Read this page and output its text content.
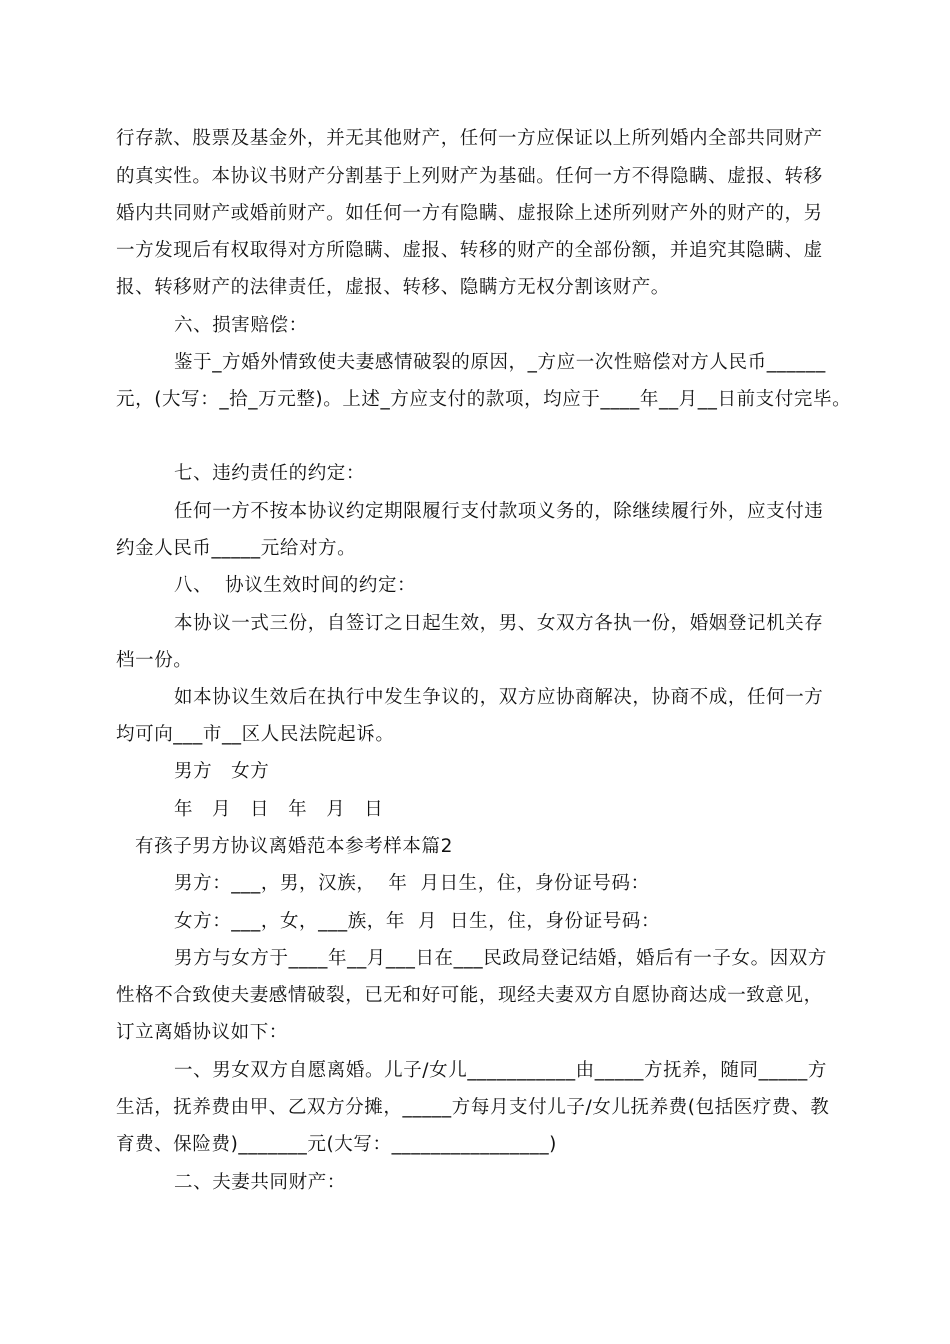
行存款、股票及基金外，并无其他财产，任何一方应保证以上所列婚内全部共同财产
的真实性。本协议书财产分割基于上列财产为基础。任何一方不得隐瞒、虚报、转移
婚内共同财产或婚前财产。如任何一方有隐瞒、虚报除上述所列财产外的财产的，另
一方发现后有权取得对方所隐瞒、虚报、转移的财产的全部份额，并追究其隐瞒、虚
报、转移财产的法律责任，虚报、转移、隐瞒方无权分割该财产。
六、损害赔偿：
鉴于_方婚外情致使夫妻感情破裂的原因，_方应一次性赔偿对方人民币______
元，(大写：_拾_万元整)。上述_方应支付的款项，均应于____年__月__日前支付完毕。
七、违约责任的约定：
任何一方不按本协议约定期限履行支付款项义务的，除继续履行外，应支付违
约金人民币_____元给对方。
八、  协议生效时间的约定：
本协议一式三份，自签订之日起生效，男、女双方各执一份，婚姻登记机关存
档一份。
如本协议生效后在执行中发生争议的，双方应协商解决，协商不成，任何一方
均可向___市__区人民法院起诉。
男方  女方
年  月  日  年  月  日
有孩子男方协议离婚范本参考样本篇2
男方：___，男，汉族，  年  月日生，住，身份证号码：
女方：___，女，___族，年  月  日生，住，身份证号码：
男方与女方于____年__月___日在___民政局登记结婚，婚后有一子女。因双方
性格不合致使夫妻感情破裂，已无和好可能，现经夫妻双方自愿协商达成一致意见，
订立离婚协议如下：
一、男女双方自愿离婚。儿子/女儿___________由_____方抚养，随同_____方
生活，抚养费由甲、乙双方分摊，_____方每月支付儿子/女儿抚养费(包括医疗费、教
育费、保险费)_______元(大写：________________)
二、夫妻共同财产：
